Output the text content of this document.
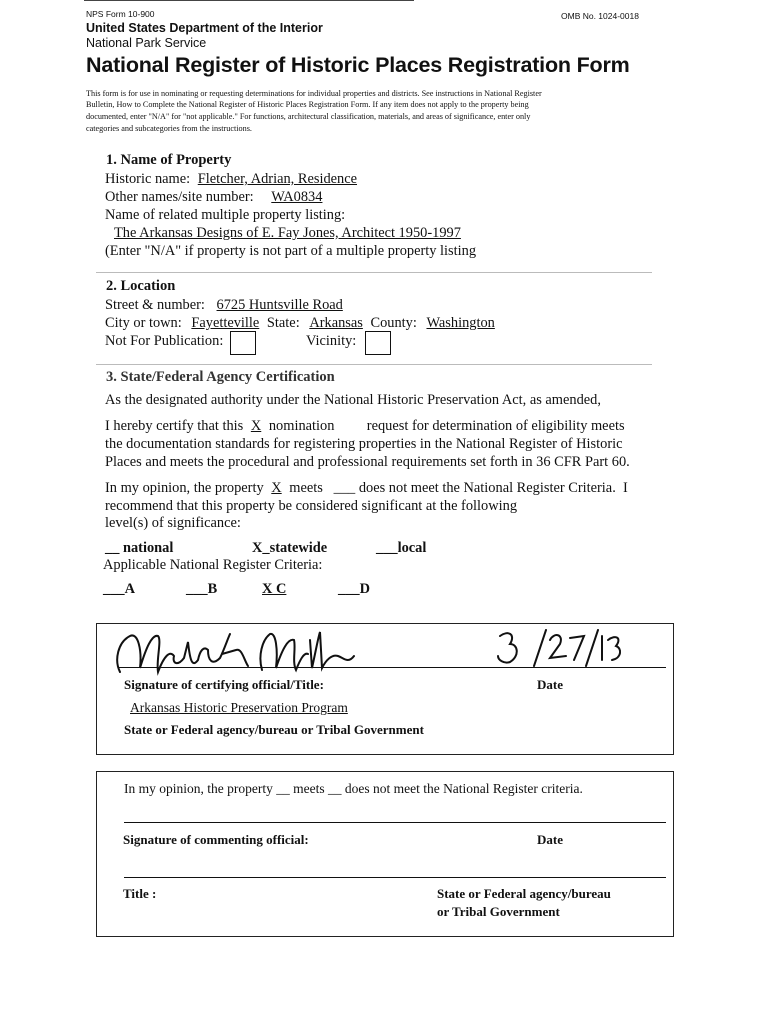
NPS Form 10-900	OMB No. 1024-0018
United States Department of the Interior
National Park Service
National Register of Historic Places Registration Form
This form is for use in nominating or requesting determinations for individual properties and districts. See instructions in National Register
Bulletin, How to Complete the National Register of Historic Places Registration Form. If any item does not apply to the property being
documented, enter "N/A" for "not applicable." For functions, architectural classification, materials, and areas of significance, enter only
categories and subcategories from the instructions.
1. Name of Property
Historic name: Fletcher, Adrian, Residence
Other names/site number: WA0834
Name of related multiple property listing:
The Arkansas Designs of E. Fay Jones, Architect 1950-1997
(Enter "N/A" if property is not part of a multiple property listing
2. Location
Street & number: 6725 Huntsville Road
City or town: Fayetteville State: Arkansas County: Washington
Not For Publication:	Vicinity:
3. State/Federal Agency Certification
As the designated authority under the National Historic Preservation Act, as amended,
I hereby certify that this X nomination         request for determination of eligibility meets
the documentation standards for registering properties in the National Register of Historic
Places and meets the procedural and professional requirements set forth in 36 CFR Part 60.
In my opinion, the property X meets   ___ does not meet the National Register Criteria.  I
recommend that this property be considered significant at the following
level(s) of significance:
__ national	X_statewide	___local
Applicable National Register Criteria:
___A	___B	X C	___D
Signature of certifying official/Title:	Date
Arkansas Historic Preservation Program
State or Federal agency/bureau or Tribal Government
In my opinion, the property __ meets __ does not meet the National Register criteria.
Signature of commenting official:	Date
Title :	State or Federal agency/bureau
or Tribal Government
